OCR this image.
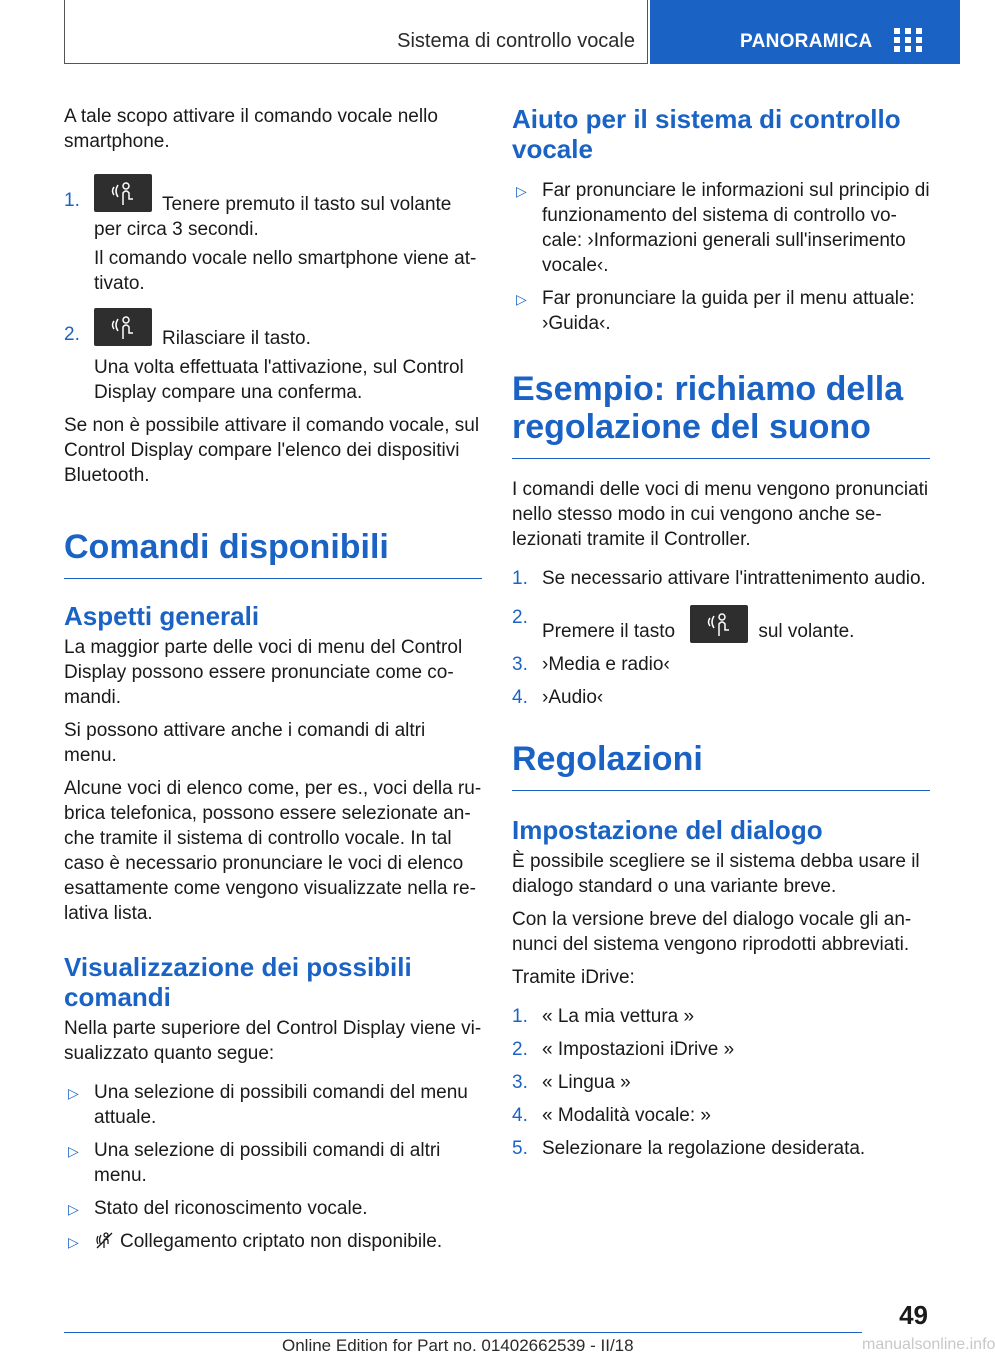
Sistema di controllo vocale	PANORAMICA

A tale scopo attivare il comando vocale nello smartphone.

1.	Tenere premuto il tasto sul volante per circa 3 secondi.
Il comando vocale nello smartphone viene attivato.
2.	Rilasciare il tasto.
Una volta effettuata l'attivazione, sul Control Display compare una conferma.

Se non è possibile attivare il comando vocale, sul Control Display compare l'elenco dei dispositivi Bluetooth.

Comandi disponibili
Aspetti generali

La maggior parte delle voci di menu del Control Display possono essere pronunciate come comandi.

Si possono attivare anche i comandi di altri menu.

Alcune voci di elenco come, per es., voci della rubrica telefonica, possono essere selezionate anche tramite il sistema di controllo vocale. In tal caso è necessario pronunciare le voci di elenco esattamente come vengono visualizzate nella relativa lista.

Visualizzazione dei possibili comandi

Nella parte superiore del Control Display viene visualizzato quanto segue:

▷ Una selezione di possibili comandi del menu attuale.
▷ Una selezione di possibili comandi di altri menu.
▷ Stato del riconoscimento vocale.
▷ Collegamento criptato non disponibile.
Aiuto per il sistema di controllo vocale
▷ Far pronunciare le informazioni sul principio di funzionamento del sistema di controllo vocale: ›Informazioni generali sull'inserimento vocale‹.
▷ Far pronunciare la guida per il menu attuale: ›Guida‹.
Esempio: richiamo della regolazione del suono

I comandi delle voci di menu vengono pronunciati nello stesso modo in cui vengono anche selezionati tramite il Controller.

1. Se necessario attivare l'intrattenimento audio.
2.
Premere il tasto	sul volante.
3. ›Media e radio‹
4. ›Audio‹
Regolazioni
Impostazione del dialogo

È possibile scegliere se il sistema debba usare il dialogo standard o una variante breve.

Con la versione breve del dialogo vocale gli annunci del sistema vengono riprodotti abbreviati.

Tramite iDrive:

1. « La mia vettura »
2. « Impostazioni iDrive »
3. « Lingua »
4. « Modalità vocale: »
5. Selezionare la regolazione desiderata.
49
Online Edition for Part no. 01402662539 - II/18	manualsonline.info
